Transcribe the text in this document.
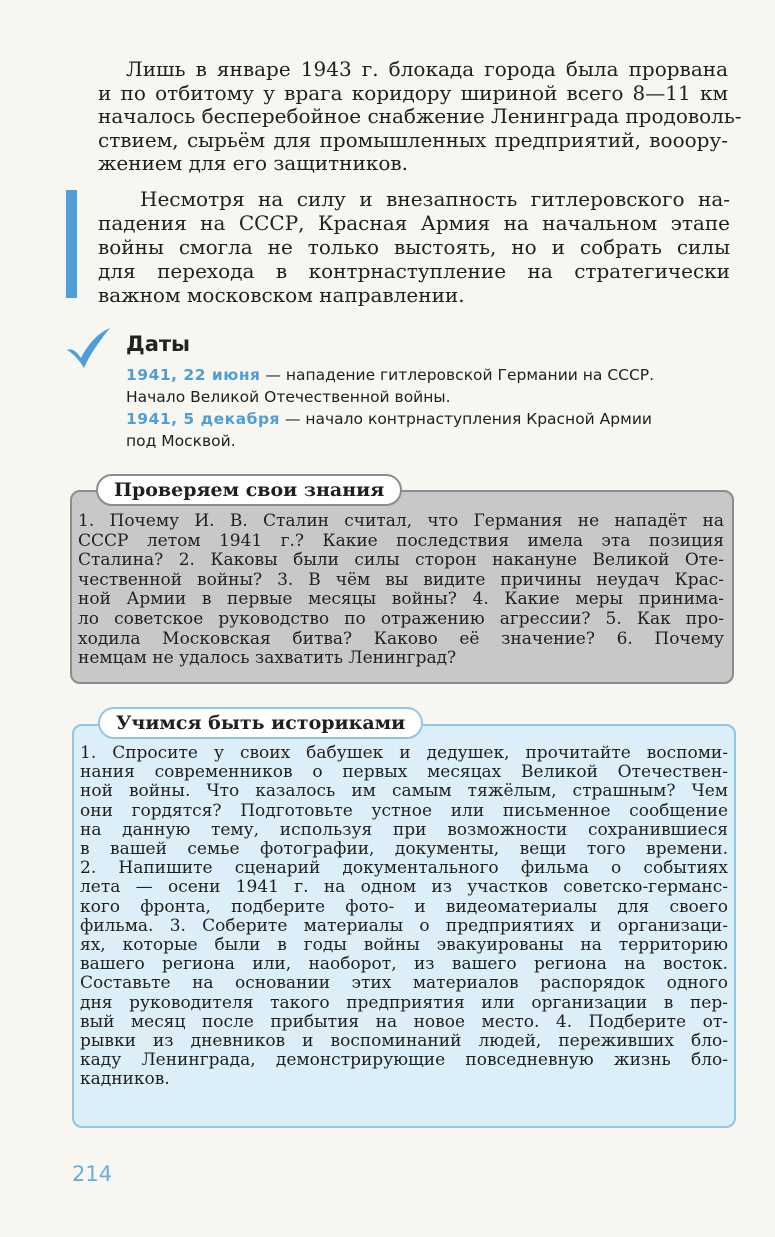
Лишь в январе 1943 г. блокада города была прорвана
и по отбитому у врага коридору шириной всего 8—11 км
началось бесперебойное снабжение Ленинграда продоволь-
ствием, сырьём для промышленных предприятий, вооору-
жением для его защитников.
Несмотря на силу и внезапность гитлеровского на-
падения на СССР, Красная Армия на начальном этапе
войны смогла не только выстоять, но и собрать силы
для перехода в контрнаступление на стратегически
важном московском направлении.
Даты
1941, 22 июня — нападение гитлеровской Германии на СССР.
Начало Великой Отечественной войны.
1941, 5 декабря — начало контрнаступления Красной Армии
под Москвой.
Проверяем свои знания
1. Почему И. В. Сталин считал, что Германия не нападёт на
СССР летом 1941 г.? Какие последствия имела эта позиция
Сталина? 2. Каковы были силы сторон накануне Великой Оте-
чественной войны? 3. В чём вы видите причины неудач Крас-
ной Армии в первые месяцы войны? 4. Какие меры принима-
ло советское руководство по отражению агрессии? 5. Как про-
ходила Московская битва? Каково её значение? 6. Почему
немцам не удалось захватить Ленинград?
Учимся быть историками
1. Спросите у своих бабушек и дедушек, прочитайте воспоми-
нания современников о первых месяцах Великой Отечествен-
ной войны. Что казалось им самым тяжёлым, страшным? Чем
они гордятся? Подготовьте устное или письменное сообщение
на данную тему, используя при возможности сохранившиеся
в вашей семье фотографии, документы, вещи того времени.
2. Напишите сценарий документального фильма о событиях
лета — осени 1941 г. на одном из участков советско-германс-
кого фронта, подберите фото- и видеоматериалы для своего
фильма. 3. Соберите материалы о предприятиях и организаци-
ях, которые были в годы войны эвакуированы на территорию
вашего региона или, наоборот, из вашего региона на восток.
Составьте на основании этих материалов распорядок одного
дня руководителя такого предприятия или организации в пер-
вый месяц после прибытия на новое место. 4. Подберите от-
рывки из дневников и воспоминаний людей, переживших бло-
каду Ленинграда, демонстрирующие повседневную жизнь бло-
кадников.
214
